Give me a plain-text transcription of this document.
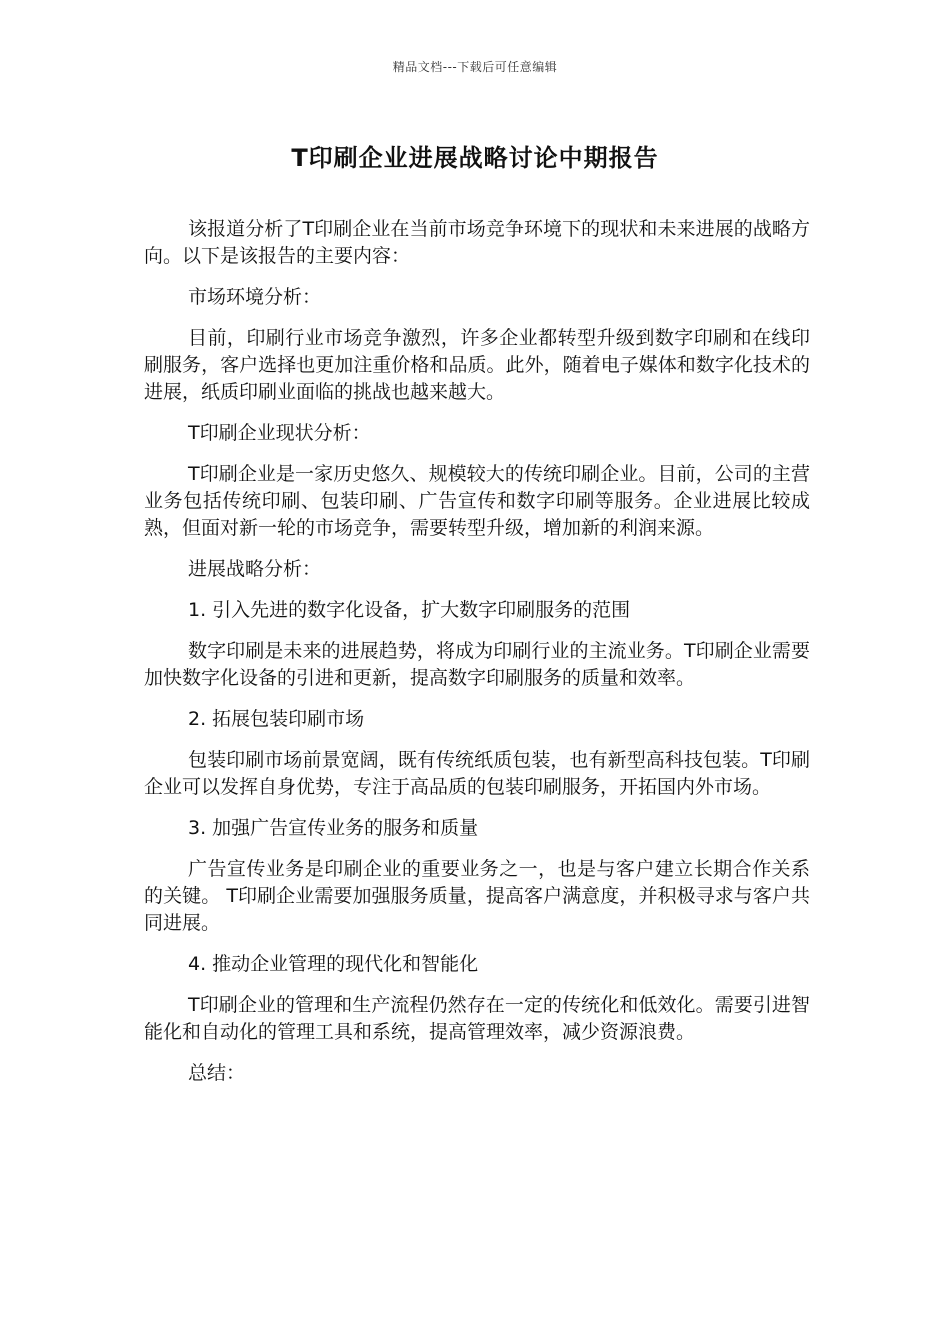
精品文档---下载后可任意编辑
T印刷企业进展战略讨论中期报告

该报道分析了T印刷企业在当前市场竞争环境下的现状和未来进展的战略方向。以下是该报告的主要内容：

市场环境分析：

目前，印刷行业市场竞争激烈，许多企业都转型升级到数字印刷和在线印刷服务，客户选择也更加注重价格和品质。此外，随着电子媒体和数字化技术的进展，纸质印刷业面临的挑战也越来越大。

T印刷企业现状分析：

T印刷企业是一家历史悠久、规模较大的传统印刷企业。目前，公司的主营业务包括传统印刷、包装印刷、广告宣传和数字印刷等服务。企业进展比较成熟，但面对新一轮的市场竞争，需要转型升级，增加新的利润来源。

进展战略分析：

1. 引入先进的数字化设备，扩大数字印刷服务的范围

数字印刷是未来的进展趋势，将成为印刷行业的主流业务。T印刷企业需要加快数字化设备的引进和更新，提高数字印刷服务的质量和效率。

2. 拓展包装印刷市场

包装印刷市场前景宽阔，既有传统纸质包装，也有新型高科技包装。T印刷企业可以发挥自身优势，专注于高品质的包装印刷服务，开拓国内外市场。

3. 加强广告宣传业务的服务和质量

广告宣传业务是印刷企业的重要业务之一，也是与客户建立长期合作关系的关键。 T印刷企业需要加强服务质量，提高客户满意度，并积极寻求与客户共同进展。

4. 推动企业管理的现代化和智能化

T印刷企业的管理和生产流程仍然存在一定的传统化和低效化。需要引进智能化和自动化的管理工具和系统，提高管理效率，减少资源浪费。

总结：
